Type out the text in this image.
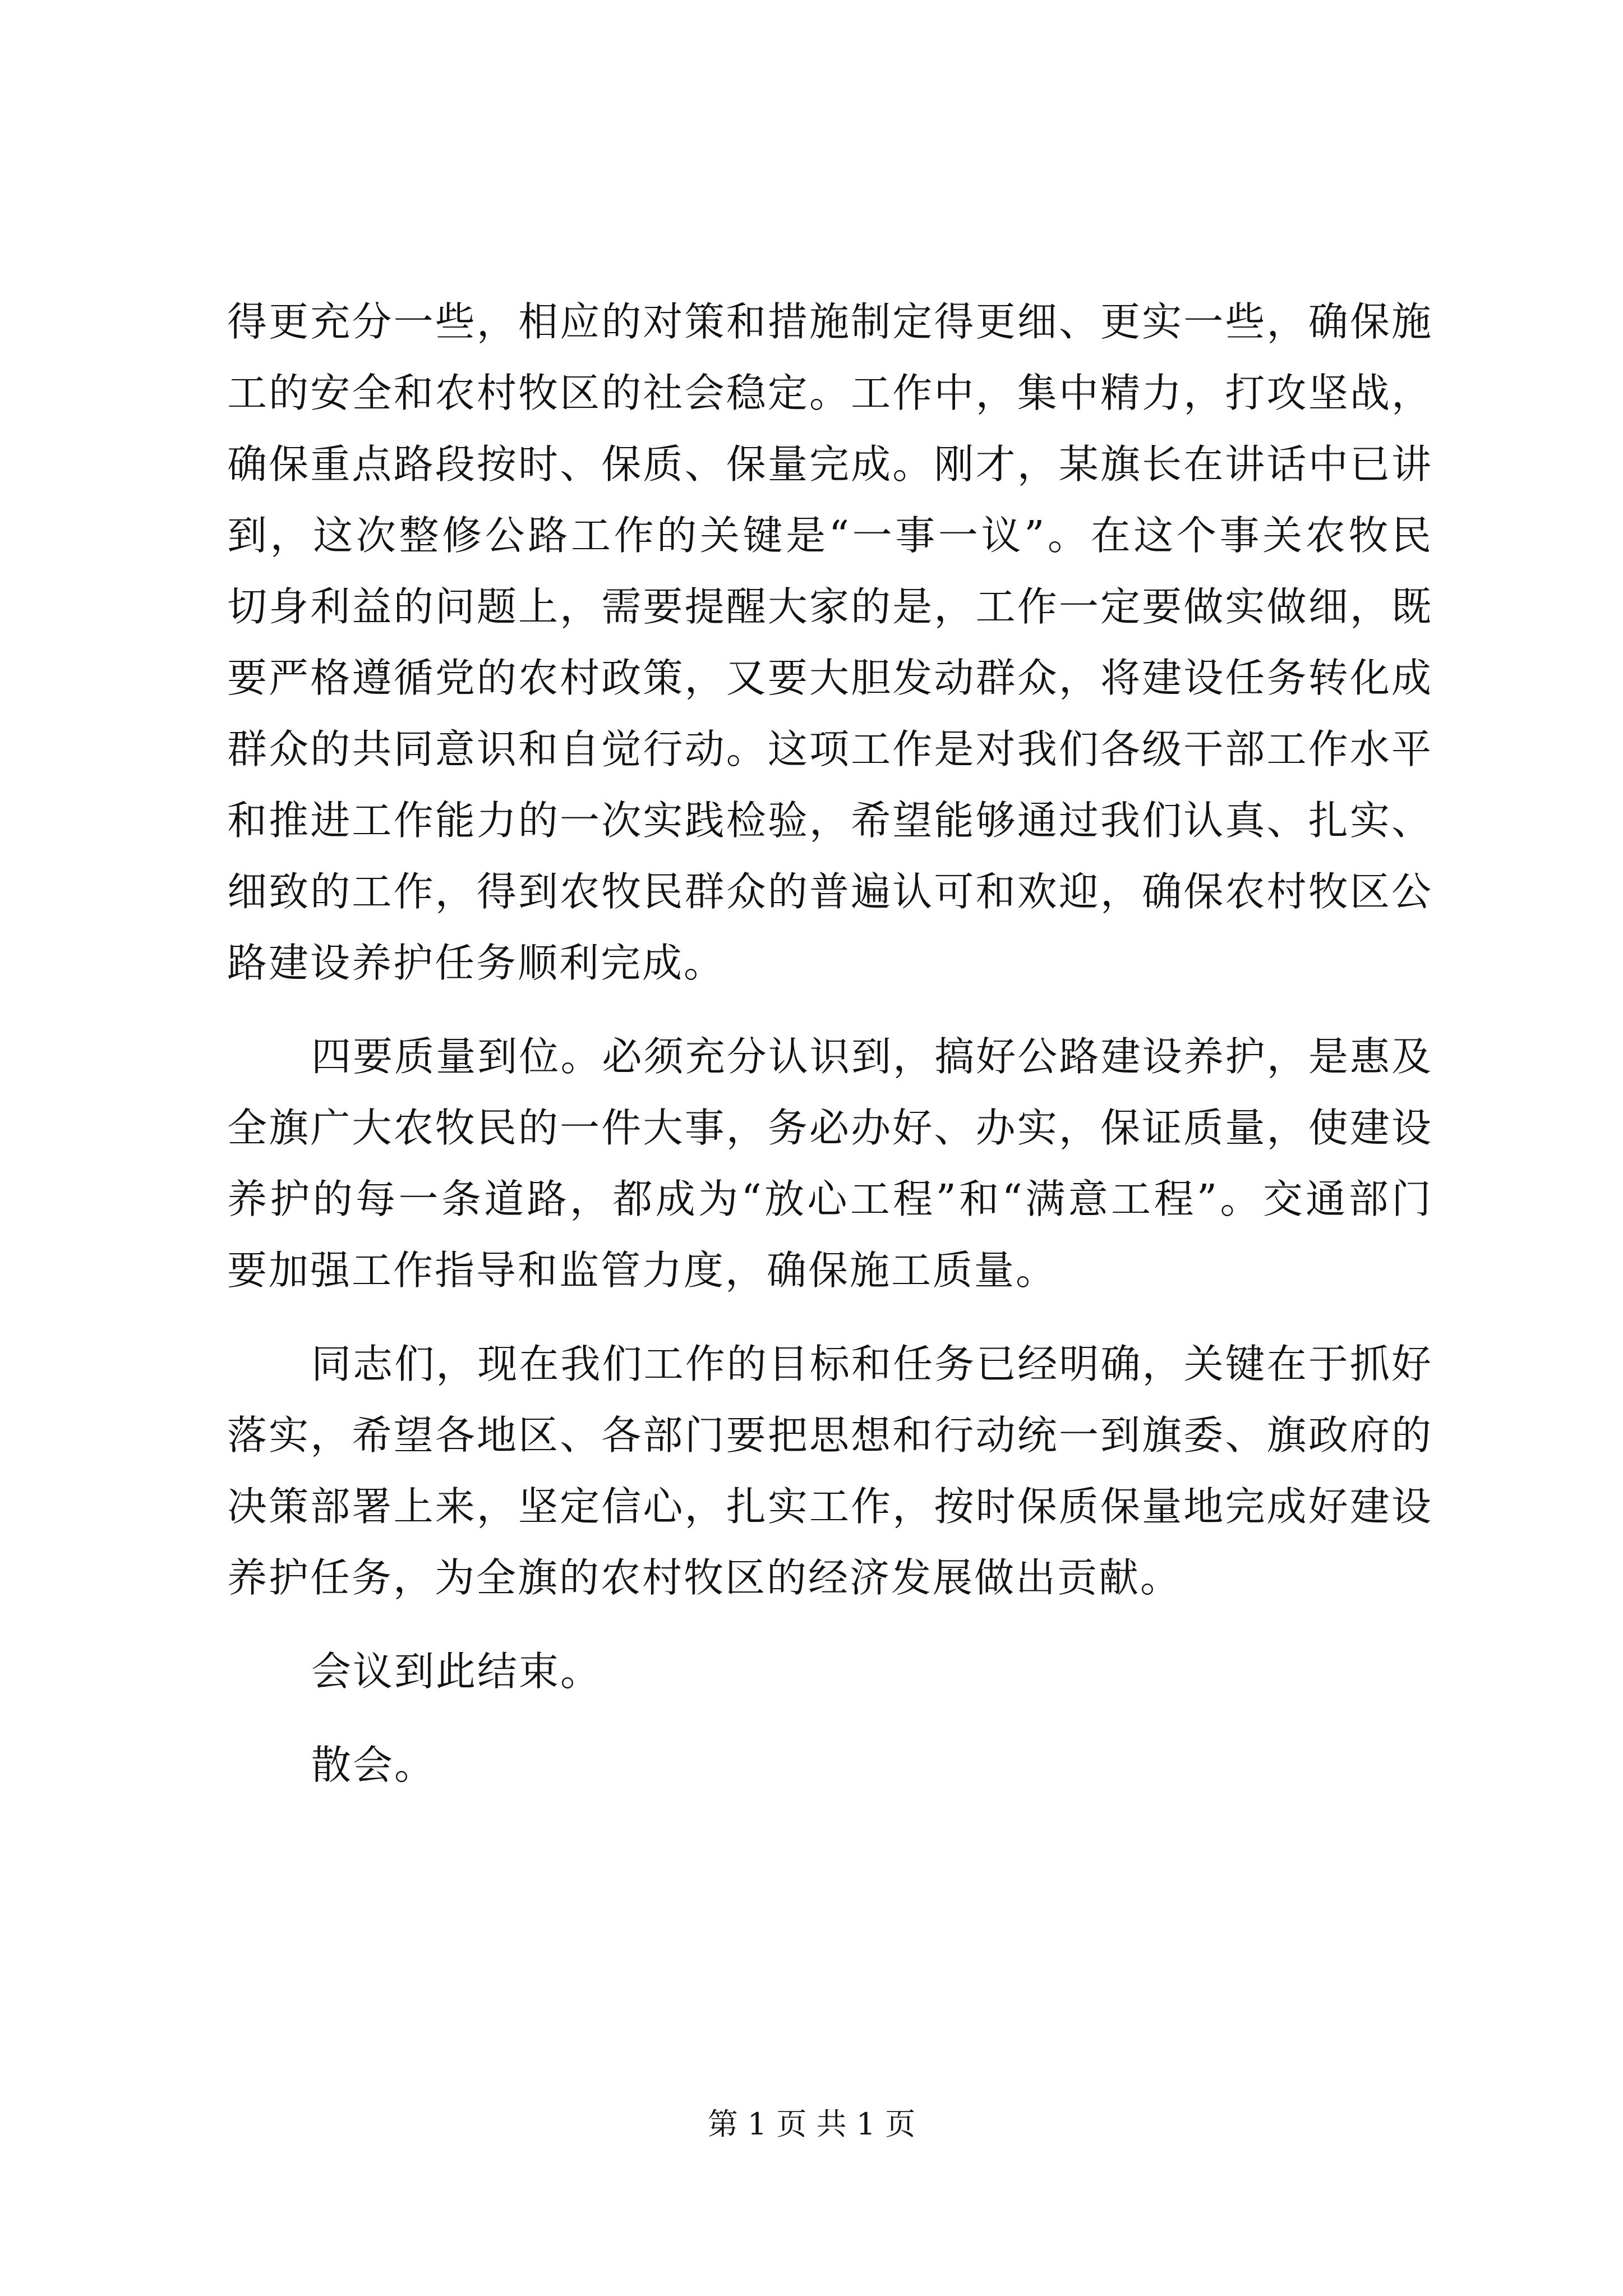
得更充分一些，相应的对策和措施制定得更细、更实一些，确保施工的安全和农村牧区的社会稳定。工作中，集中精力，打攻坚战，确保重点路段按时、保质、保量完成。刚才，某旗长在讲话中已讲到，这次整修公路工作的关键是“一事一议”。在这个事关农牧民切身利益的问题上，需要提醒大家的是，工作一定要做实做细，既要严格遵循党的农村政策，又要大胆发动群众，将建设任务转化成群众的共同意识和自觉行动。这项工作是对我们各级干部工作水平和推进工作能力的一次实践检验，希望能够通过我们认真、扎实、细致的工作，得到农牧民群众的普遍认可和欢迎，确保农村牧区公路建设养护任务顺利完成。

四要质量到位。必须充分认识到，搞好公路建设养护，是惠及全旗广大农牧民的一件大事，务必办好、办实，保证质量，使建设养护的每一条道路，都成为“放心工程”和“满意工程”。交通部门要加强工作指导和监管力度，确保施工质量。

同志们，现在我们工作的目标和任务已经明确，关键在于抓好落实，希望各地区、各部门要把思想和行动统一到旗委、旗政府的决策部署上来，坚定信心，扎实工作，按时保质保量地完成好建设养护任务，为全旗的农村牧区的经济发展做出贡献。

会议到此结束。

散会。

第 1 页 共 1 页
